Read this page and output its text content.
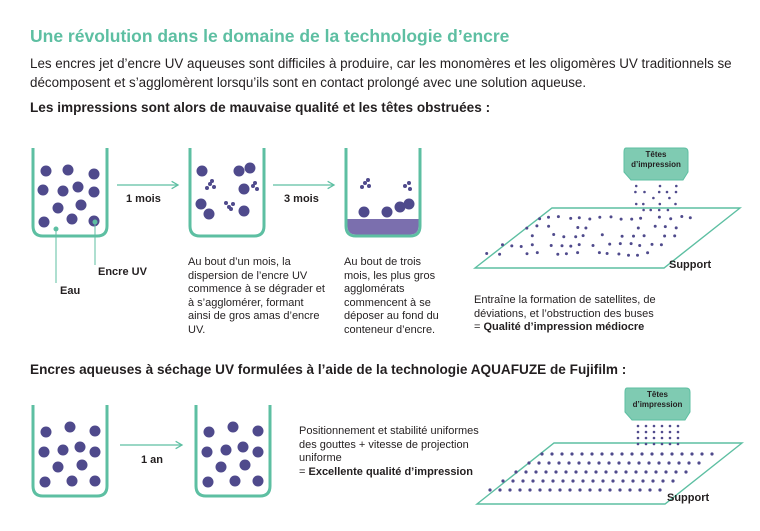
Une révolution dans le domaine de la technologie d’encre
Les encres jet d’encre UV aqueuses sont difficiles à produire, car les monomères et les oligomères UV traditionnels se décomposent et s’agglomèrent lorsqu’ils sont en contact prolongé avec une solution aqueuse.
Les impressions sont alors de mauvaise qualité et les têtes obstruées :
1 mois	3 mois
Encre UV
Eau
Au bout d’un mois, la dispersion de l’encre UV commence à se dégrader et à s’agglomérer, formant ainsi de gros amas d’encre UV.
Au bout de trois mois, les plus gros agglomérats commencent à se déposer au fond du conteneur d’encre.
Têtes
d’impression
Support
Entraîne la formation de satellites, de déviations, et l’obstruction des buses
= Qualité d’impression médiocre
Encres aqueuses à séchage UV formulées à l’aide de la technologie AQUAFUZE de Fujifilm :
1 an
Positionnement et stabilité uniformes des gouttes + vitesse de projection uniforme
= Excellente qualité d’impression
Têtes
d’impression
Support
